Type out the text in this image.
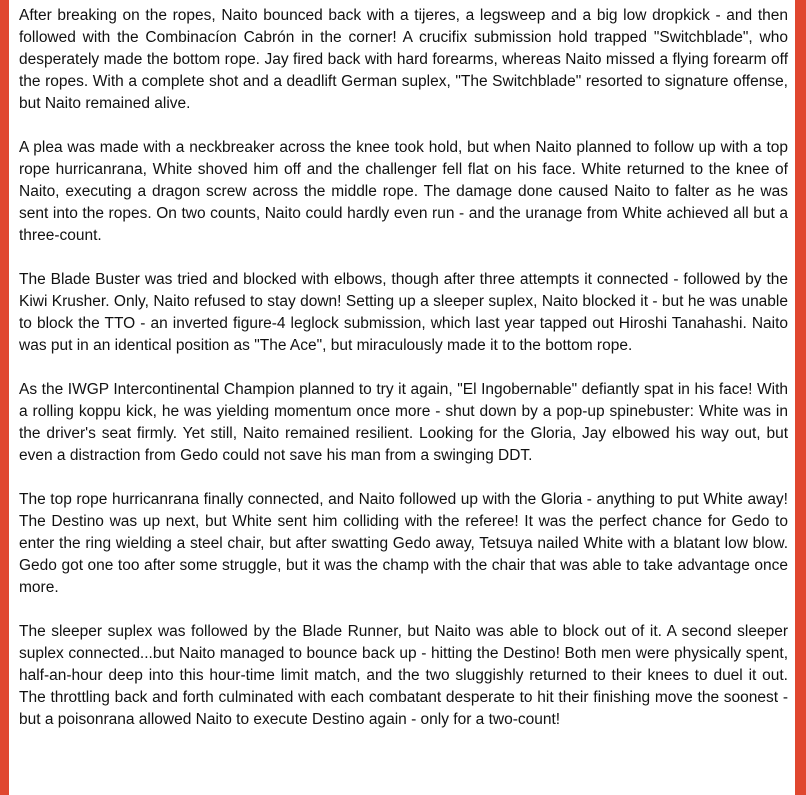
After breaking on the ropes, Naito bounced back with a tijeres, a legsweep and a big low dropkick - and then followed with the Combinacíon Cabrón in the corner! A crucifix submission hold trapped "Switchblade", who desperately made the bottom rope. Jay fired back with hard forearms, whereas Naito missed a flying forearm off the ropes. With a complete shot and a deadlift German suplex, "The Switchblade" resorted to signature offense, but Naito remained alive.

A plea was made with a neckbreaker across the knee took hold, but when Naito planned to follow up with a top rope hurricanrana, White shoved him off and the challenger fell flat on his face. White returned to the knee of Naito, executing a dragon screw across the middle rope. The damage done caused Naito to falter as he was sent into the ropes. On two counts, Naito could hardly even run - and the uranage from White achieved all but a three-count.

The Blade Buster was tried and blocked with elbows, though after three attempts it connected - followed by the Kiwi Krusher. Only, Naito refused to stay down! Setting up a sleeper suplex, Naito blocked it - but he was unable to block the TTO - an inverted figure-4 leglock submission, which last year tapped out Hiroshi Tanahashi. Naito was put in an identical position as "The Ace", but miraculously made it to the bottom rope.

As the IWGP Intercontinental Champion planned to try it again, "El Ingobernable" defiantly spat in his face! With a rolling koppu kick, he was yielding momentum once more - shut down by a pop-up spinebuster: White was in the driver's seat firmly. Yet still, Naito remained resilient. Looking for the Gloria, Jay elbowed his way out, but even a distraction from Gedo could not save his man from a swinging DDT.

The top rope hurricanrana finally connected, and Naito followed up with the Gloria - anything to put White away! The Destino was up next, but White sent him colliding with the referee! It was the perfect chance for Gedo to enter the ring wielding a steel chair, but after swatting Gedo away, Tetsuya nailed White with a blatant low blow. Gedo got one too after some struggle, but it was the champ with the chair that was able to take advantage once more.

The sleeper suplex was followed by the Blade Runner, but Naito was able to block out of it. A second sleeper suplex connected...but Naito managed to bounce back up - hitting the Destino! Both men were physically spent, half-an-hour deep into this hour-time limit match, and the two sluggishly returned to their knees to duel it out. The throttling back and forth culminated with each combatant desperate to hit their finishing move the soonest - but a poisonrana allowed Naito to execute Destino again - only for a two-count!
